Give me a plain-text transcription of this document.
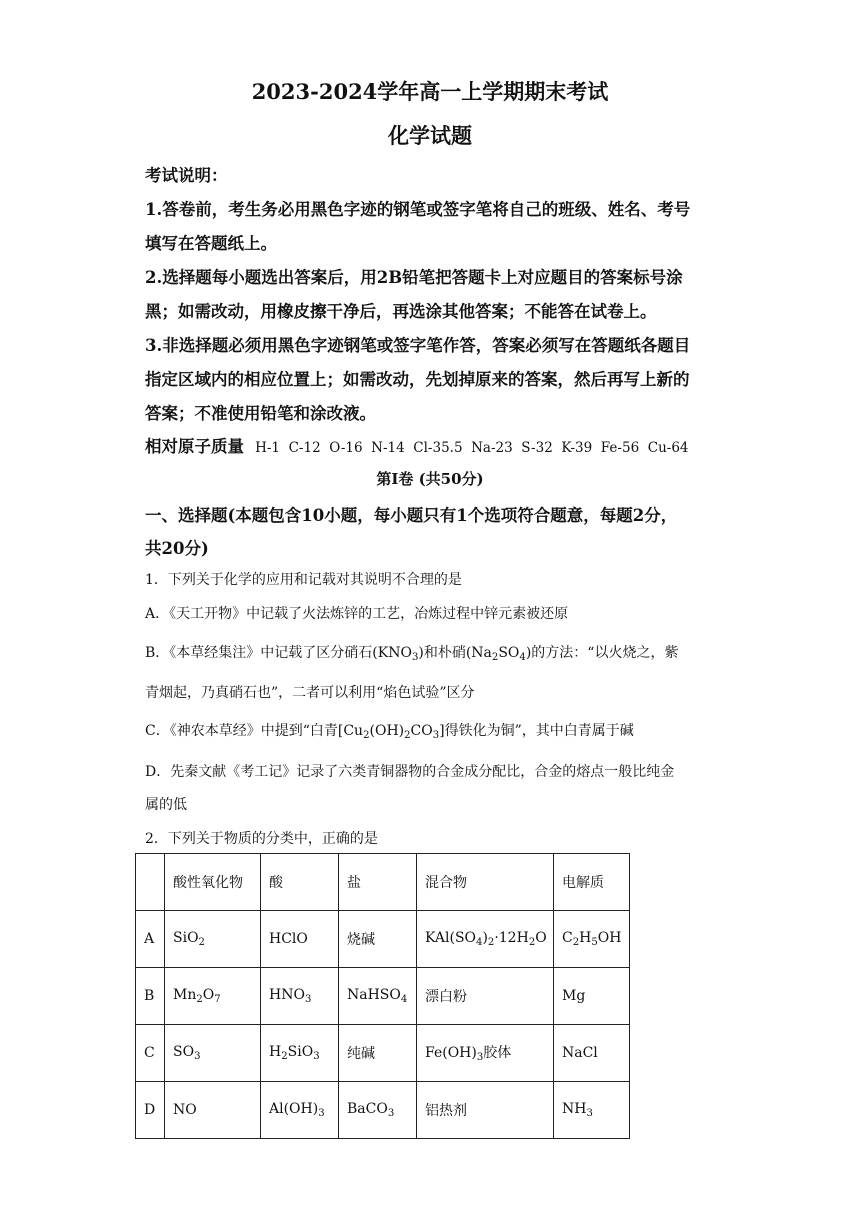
2023-2024学年高一上学期期末考试
化学试题
考试说明：
1.答卷前，考生务必用黑色字迹的钢笔或签字笔将自己的班级、姓名、考号
填写在答题纸上。
2.选择题每小题选出答案后，用2B铅笔把答题卡上对应题目的答案标号涂
黑；如需改动，用橡皮擦干净后，再选涂其他答案；不能答在试卷上。
3.非选择题必须用黑色字迹钢笔或签字笔作答，答案必须写在答题纸各题目
指定区域内的相应位置上；如需改动，先划掉原来的答案，然后再写上新的
答案；不准使用铅笔和涂改液。
相对原子质量 H-1  C-12  O-16  N-14  Cl-35.5  Na-23  S-32  K-39  Fe-56  Cu-64
第Ⅰ卷 (共50分)
一、选择题(本题包含10小题，每小题只有1个选项符合题意，每题2分，
共20分)
1．下列关于化学的应用和记载对其说明不合理的是
A．《天工开物》中记载了火法炼锌的工艺，冶炼过程中锌元素被还原
B．《本草经集注》中记载了区分硝石$(KNO_3)$和朴硝$(Na_2SO_4)$的方法：“以火烧之，紫
青烟起，乃真硝石也”，二者可以利用“焰色试验”区分
C．《神农本草经》中提到“白青$[Cu_2(OH)_2CO_3]$得铁化为铜”，其中白青属于碱
D．先秦文献《考工记》记录了六类青铜器物的合金成分配比，合金的熔点一般比纯金
属的低
2．下列关于物质的分类中，正确的是
	酸性氧化物	酸	盐	混合物	电解质
A	SiO$_2$	HClO	烧碱	$KAl(SO_4)_2\cdot 12H_2O$	$C_2H_5OH$
B	$Mn_2O_7$	$HNO_3$	NaHSO$_4$	漂白粉	Mg
C	$SO_3$	$H_2SiO_3$	纯碱	$Fe(OH)_3$胶体	NaCl
D	NO	$Al(OH)_3$	BaCO$_3$	铝热剂	$NH_3$
